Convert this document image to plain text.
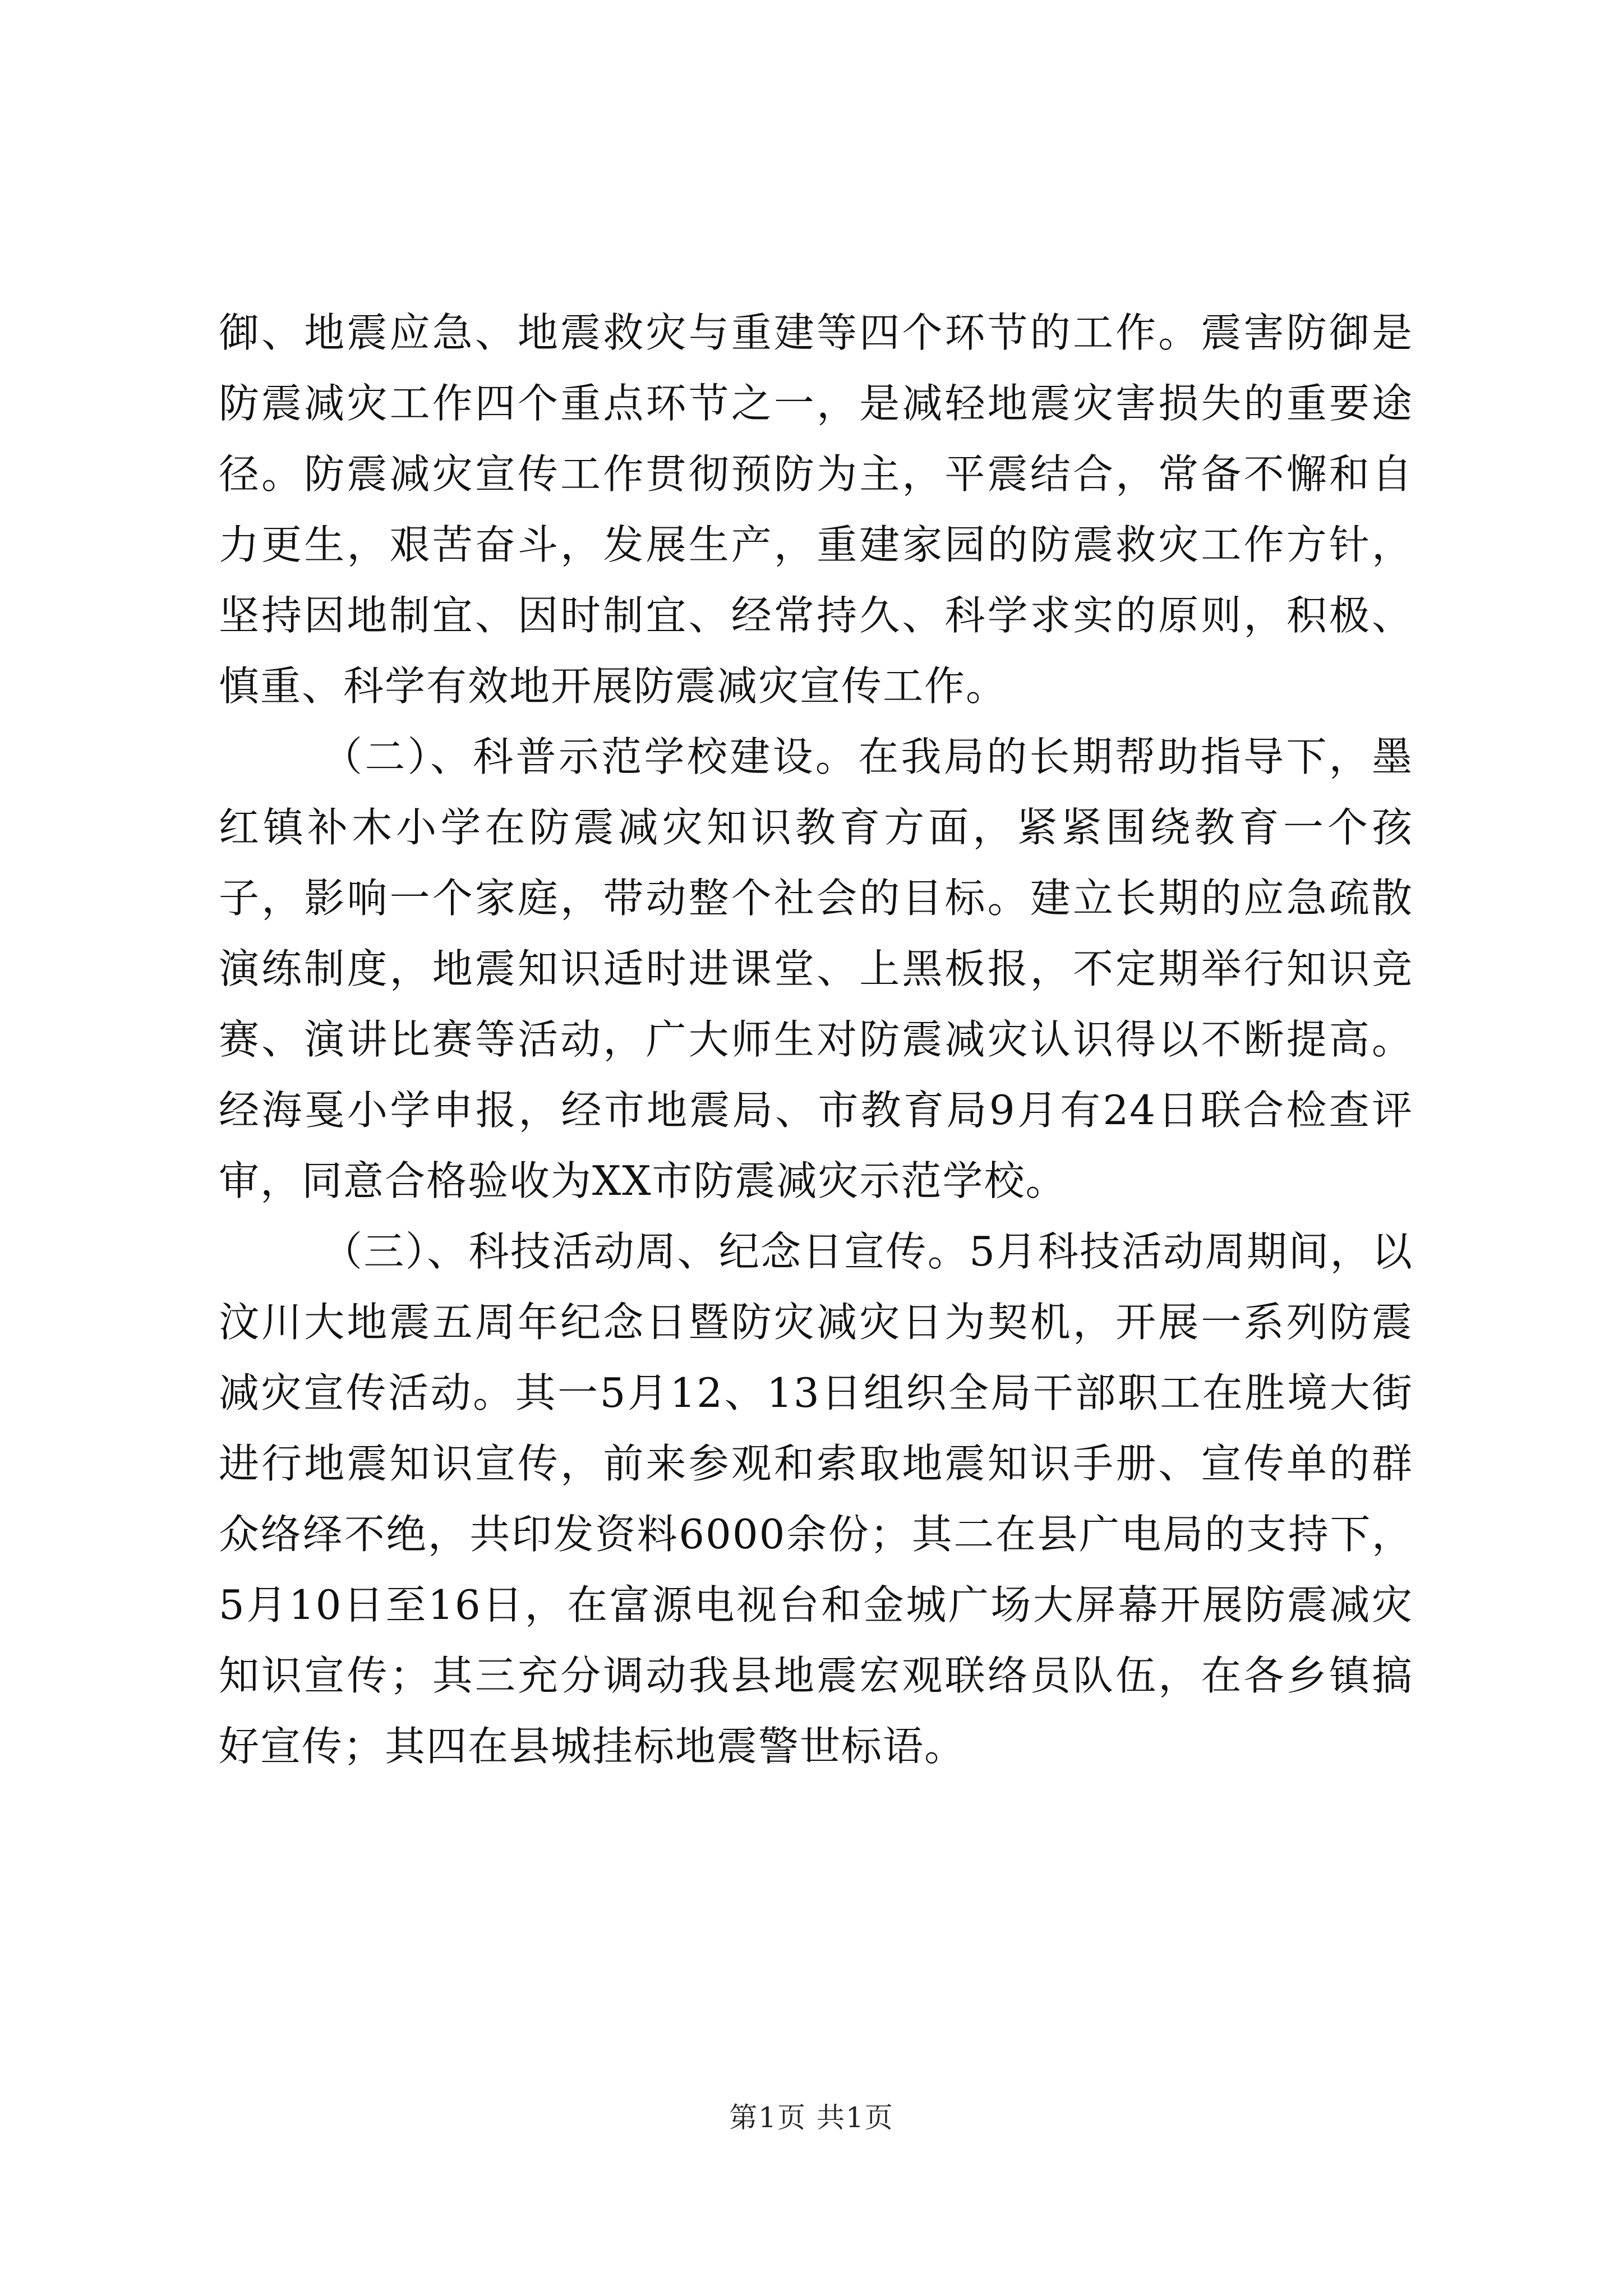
御、地震应急、地震救灾与重建等四个环节的工作。震害防御是防震减灾工作四个重点环节之一，是减轻地震灾害损失的重要途径。防震减灾宣传工作贯彻预防为主，平震结合，常备不懈和自力更生，艰苦奋斗，发展生产，重建家园的防震救灾工作方针，坚持因地制宜、因时制宜、经常持久、科学求实的原则，积极、慎重、科学有效地开展防震减灾宣传工作。

（二）、科普示范学校建设。在我局的长期帮助指导下，墨红镇补木小学在防震减灾知识教育方面，紧紧围绕教育一个孩子，影响一个家庭，带动整个社会的目标。建立长期的应急疏散演练制度，地震知识适时进课堂、上黑板报，不定期举行知识竞赛、演讲比赛等活动，广大师生对防震减灾认识得以不断提高。经海戛小学申报，经市地震局、市教育局9月有24日联合检查评审，同意合格验收为XX市防震减灾示范学校。

（三）、科技活动周、纪念日宣传。5月科技活动周期间，以汶川大地震五周年纪念日暨防灾减灾日为契机，开展一系列防震减灾宣传活动。其一5月12、13日组织全局干部职工在胜境大街进行地震知识宣传，前来参观和索取地震知识手册、宣传单的群众络绎不绝，共印发资料6000余份；其二在县广电局的支持下，5月10日至16日，在富源电视台和金城广场大屏幕开展防震减灾知识宣传；其三充分调动我县地震宏观联络员队伍，在各乡镇搞好宣传；其四在县城挂标地震警世标语。

第1页 共1页
